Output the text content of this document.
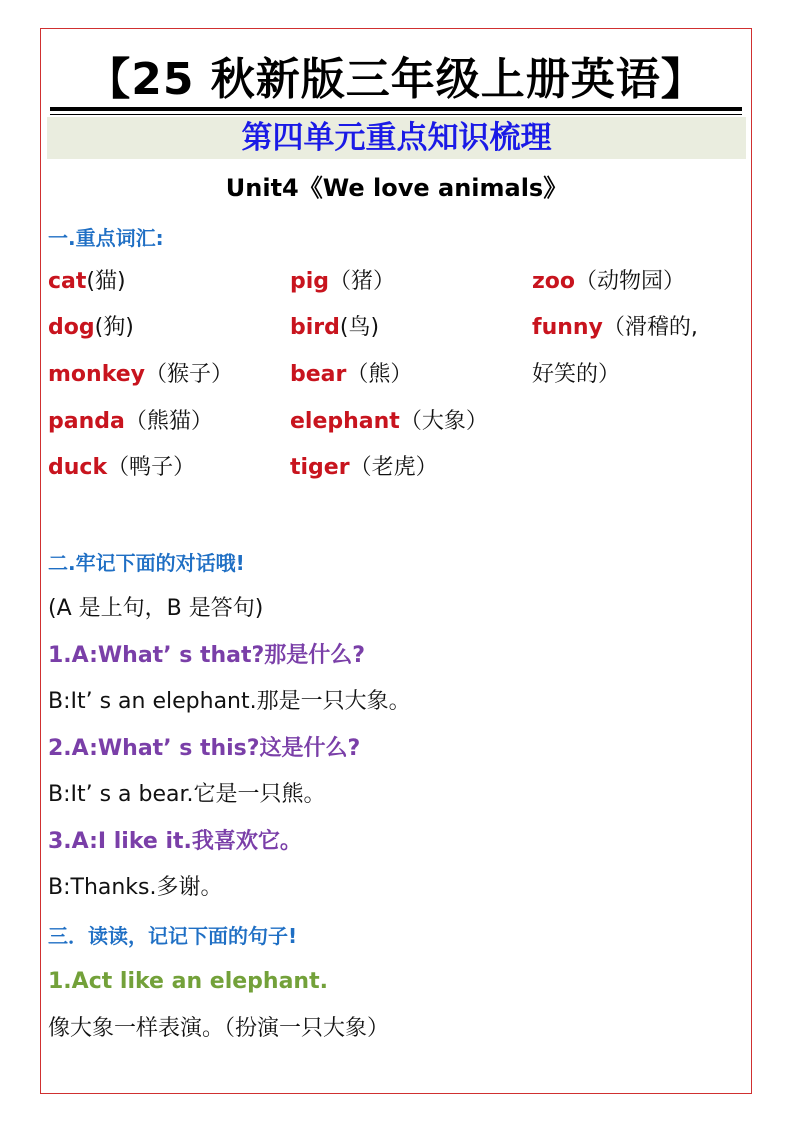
【25 秋新版三年级上册英语】
第四单元重点知识梳理
Unit4《We love animals》
一.重点词汇:
cat(猫)	pig（猪）	zoo（动物园）
dog(狗)	bird(鸟)	funny（滑稽的,
monkey（猴子）	bear（熊）	好笑的）
panda（熊猫）	elephant（大象）
duck（鸭子）	tiger（老虎）
二.牢记下面的对话哦!
(A 是上句，B 是答句)
1.A:What’ s that?那是什么?
B:It’ s an elephant.那是一只大象。
2.A:What’ s this?这是什么?
B:It’ s a bear.它是一只熊。
3.A:I like it.我喜欢它。
B:Thanks.多谢。
三．读读，记记下面的句子!
1.Act like an elephant.
像大象一样表演。（扮演一只大象）
